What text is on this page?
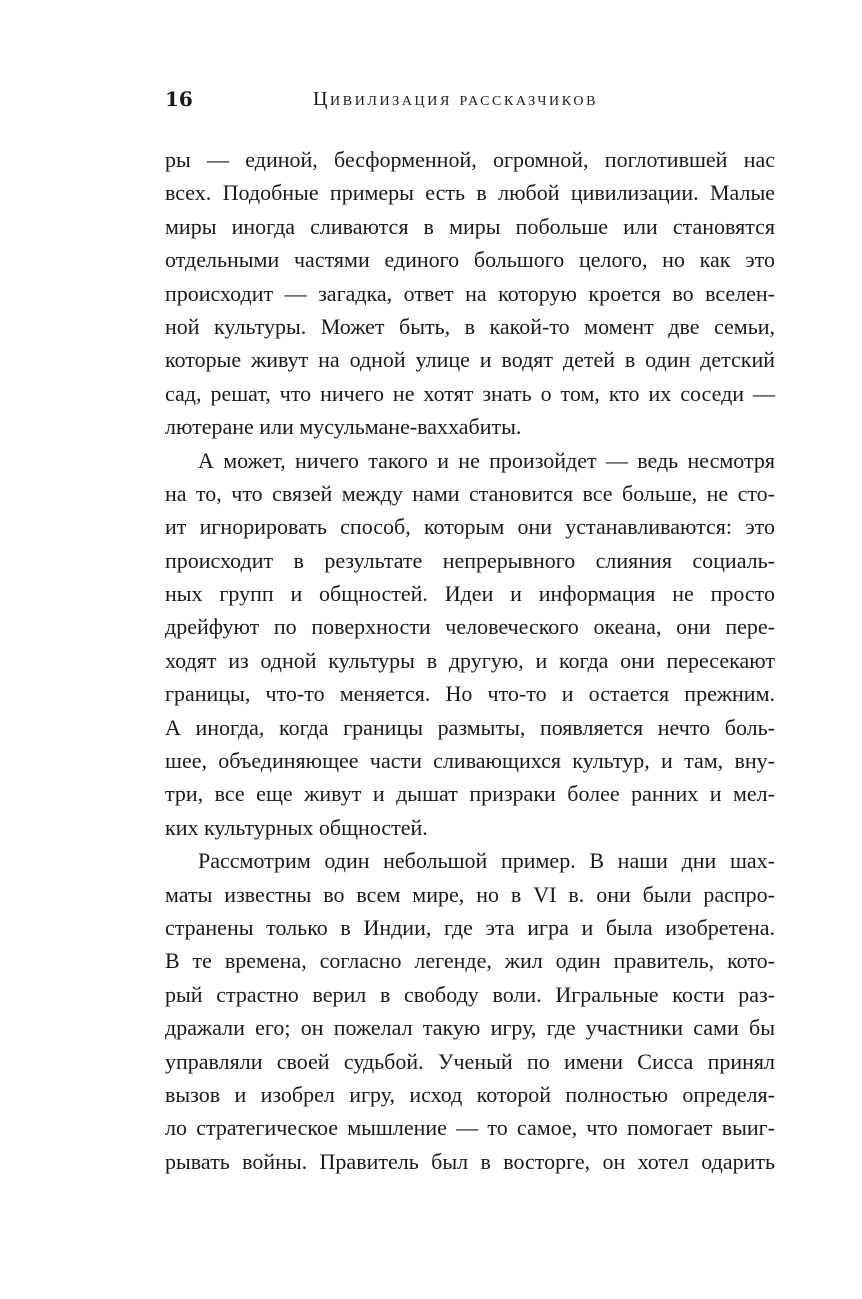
16	Цивилизация рассказчиков
ры — единой, бесформенной, огромной, поглотившей нас
всех. Подобные примеры есть в любой цивилизации. Малые
миры иногда сливаются в миры побольше или становятся
отдельными частями единого большого целого, но как это
происходит — загадка, ответ на которую кроется во вселен-
ной культуры. Может быть, в какой-то момент две семьи,
которые живут на одной улице и водят детей в один детский
сад, решат, что ничего не хотят знать о том, кто их соседи —
лютеране или мусульмане-ваххабиты.
А может, ничего такого и не произойдет — ведь несмотря
на то, что связей между нами становится все больше, не сто-
ит игнорировать способ, которым они устанавливаются: это
происходит в результате непрерывного слияния социаль-
ных групп и общностей. Идеи и информация не просто
дрейфуют по поверхности человеческого океана, они пере-
ходят из одной культуры в другую, и когда они пересекают
границы, что-то меняется. Но что-то и остается прежним.
А иногда, когда границы размыты, появляется нечто боль-
шее, объединяющее части сливающихся культур, и там, вну-
три, все еще живут и дышат призраки более ранних и мел-
ких культурных общностей.
Рассмотрим один небольшой пример. В наши дни шах-
маты известны во всем мире, но в VI в. они были распро-
странены только в Индии, где эта игра и была изобретена.
В те времена, согласно легенде, жил один правитель, кото-
рый страстно верил в свободу воли. Игральные кости раз-
дражали его; он пожелал такую игру, где участники сами бы
управляли своей судьбой. Ученый по имени Сисса принял
вызов и изобрел игру, исход которой полностью определя-
ло стратегическое мышление — то самое, что помогает выиг-
рывать войны. Правитель был в восторге, он хотел одарить
